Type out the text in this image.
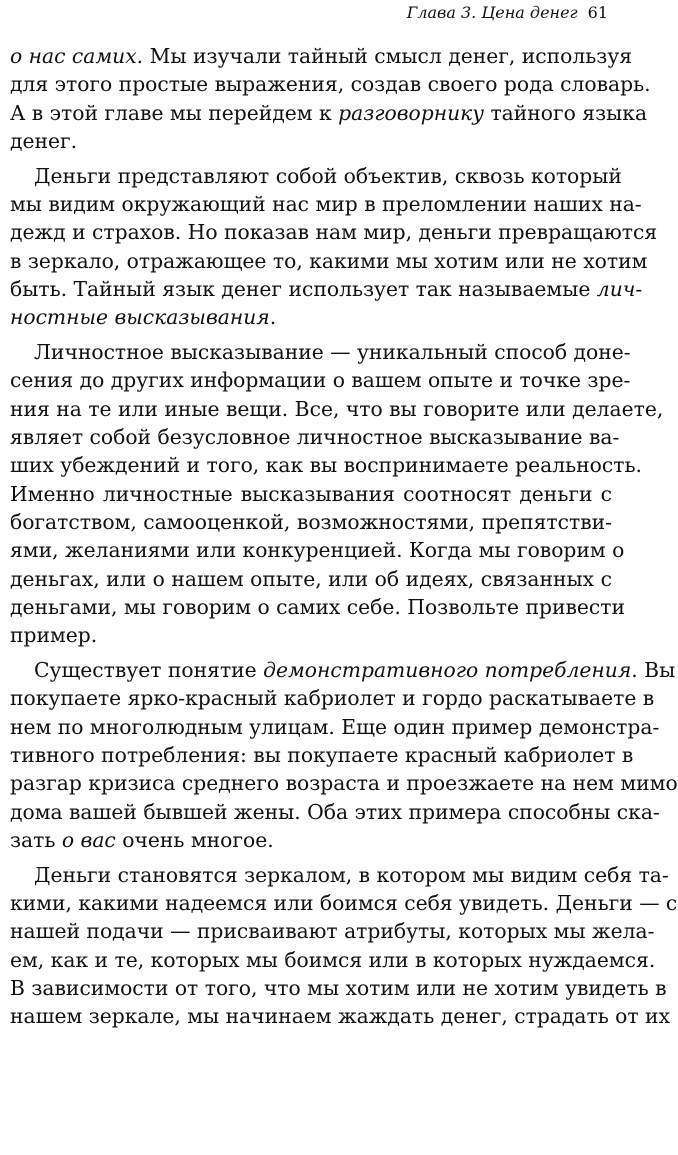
Глава 3. Цена денег 61
о нас самих. Мы изучали тайный смысл денег, используя
для этого простые выражения, создав своего рода словарь.
А в этой главе мы перейдем к разговорнику тайного языка
денег.
Деньги представляют собой объектив, сквозь который
мы видим окружающий нас мир в преломлении наших на-
дежд и страхов. Но показав нам мир, деньги превращаются
в зеркало, отражающее то, какими мы хотим или не хотим
быть. Тайный язык денег использует так называемые лич-
ностные высказывания.
Личностное высказывание — уникальный способ доне-
сения до других информации о вашем опыте и точке зре-
ния на те или иные вещи. Все, что вы говорите или делаете,
являет собой безусловное личностное высказывание ва-
ших убеждений и того, как вы воспринимаете реальность.
Именно личностные высказывания соотносят деньги с
богатством, самооценкой, возможностями, препятстви-
ями, желаниями или конкуренцией. Когда мы говорим о
деньгах, или о нашем опыте, или об идеях, связанных с
деньгами, мы говорим о самих себе. Позвольте привести
пример.
Существует понятие демонстративного потребления. Вы
покупаете ярко-красный кабриолет и гордо раскатываете в
нем по многолюдным улицам. Еще один пример демонстра-
тивного потребления: вы покупаете красный кабриолет в
разгар кризиса среднего возраста и проезжаете на нем мимо
дома вашей бывшей жены. Оба этих примера способны ска-
зать о вас очень многое.
Деньги становятся зеркалом, в котором мы видим себя та-
кими, какими надеемся или боимся себя увидеть. Деньги — с
нашей подачи — присваивают атрибуты, которых мы жела-
ем, как и те, которых мы боимся или в которых нуждаемся.
В зависимости от того, что мы хотим или не хотим увидеть в
нашем зеркале, мы начинаем жаждать денег, страдать от их
